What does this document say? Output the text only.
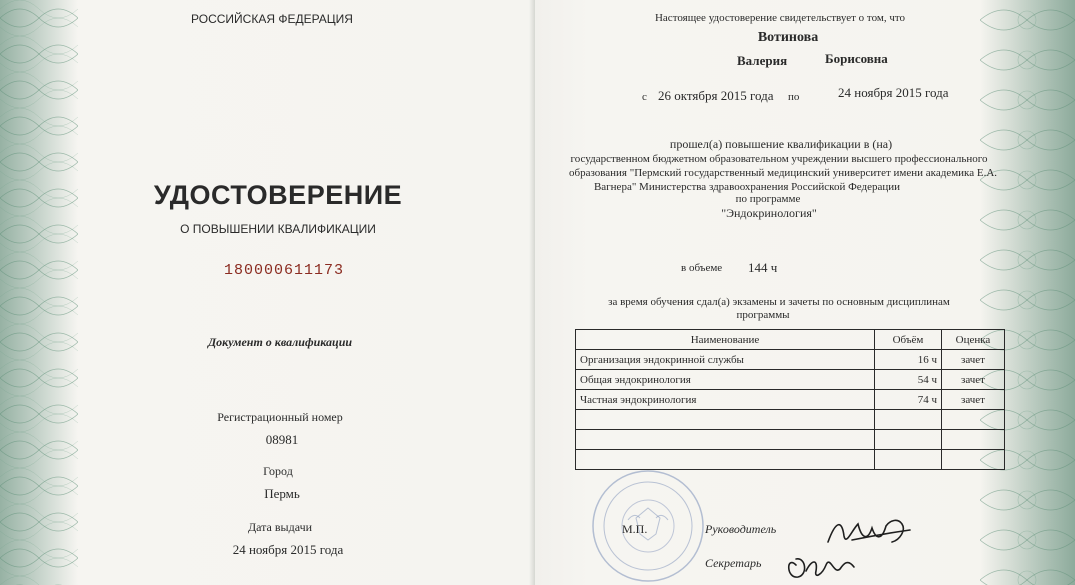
РОССИЙСКАЯ ФЕДЕРАЦИЯ
УДОСТОВЕРЕНИЕ
О ПОВЫШЕНИИ КВАЛИФИКАЦИИ
180000611173
Документ о квалификации
Регистрационный номер
08981
Город
Пермь
Дата выдачи
24 ноября 2015 года
Настоящее удостоверение свидетельствует о том, что
Вотинова
Валерия	Борисовна
с 26 октября 2015 года по	24 ноября 2015 года
прошел(а) повышение квалификации в (на)
государственном бюджетном образовательном учреждении высшего профессионального
образования "Пермский государственный медицинский университет имени академика Е.А.
Вагнера" Министерства здравоохранения Российской Федерации
по программе
"Эндокринология"
в объеме 144 ч
за время обучения сдал(а) экзамены и зачеты по основным дисциплинам
программы
Наименование	Объём	Оценка
Организация эндокринной службы	16 ч	зачет
Общая эндокринология	54 ч	зачет
Частная эндокринология	74 ч	зачет

М.П.	Руководитель
Секретарь
